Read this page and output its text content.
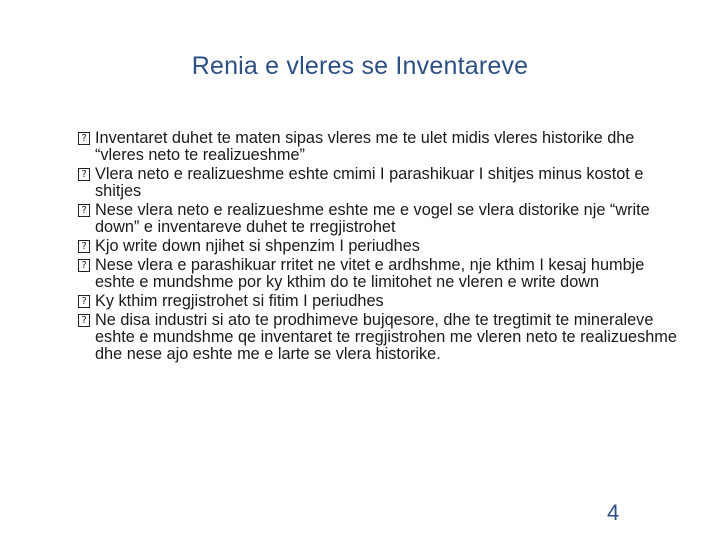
Renia e vleres se Inventareve
? Inventaret duhet te maten sipas vleres me te ulet midis vleres historike dhe “vleres neto te realizueshme”
? Vlera neto e realizueshme eshte cmimi I parashikuar I shitjes minus kostot e shitjes
? Nese vlera neto e realizueshme eshte me e vogel se vlera distorike nje “write down” e inventareve duhet te rregjistrohet
? Kjo write down njihet si shpenzim I periudhes
? Nese vlera e parashikuar rritet ne vitet e ardhshme, nje kthim I kesaj humbje eshte e mundshme por ky kthim do te limitohet ne vleren e write down
? Ky kthim rregjistrohet si fitim I periudhes
? Ne disa industri si ato te prodhimeve bujqesore, dhe te tregtimit te mineraleve eshte e mundshme qe inventaret te rregjistrohen me vleren neto te realizueshme dhe nese ajo eshte me e larte se vlera historike.
4
